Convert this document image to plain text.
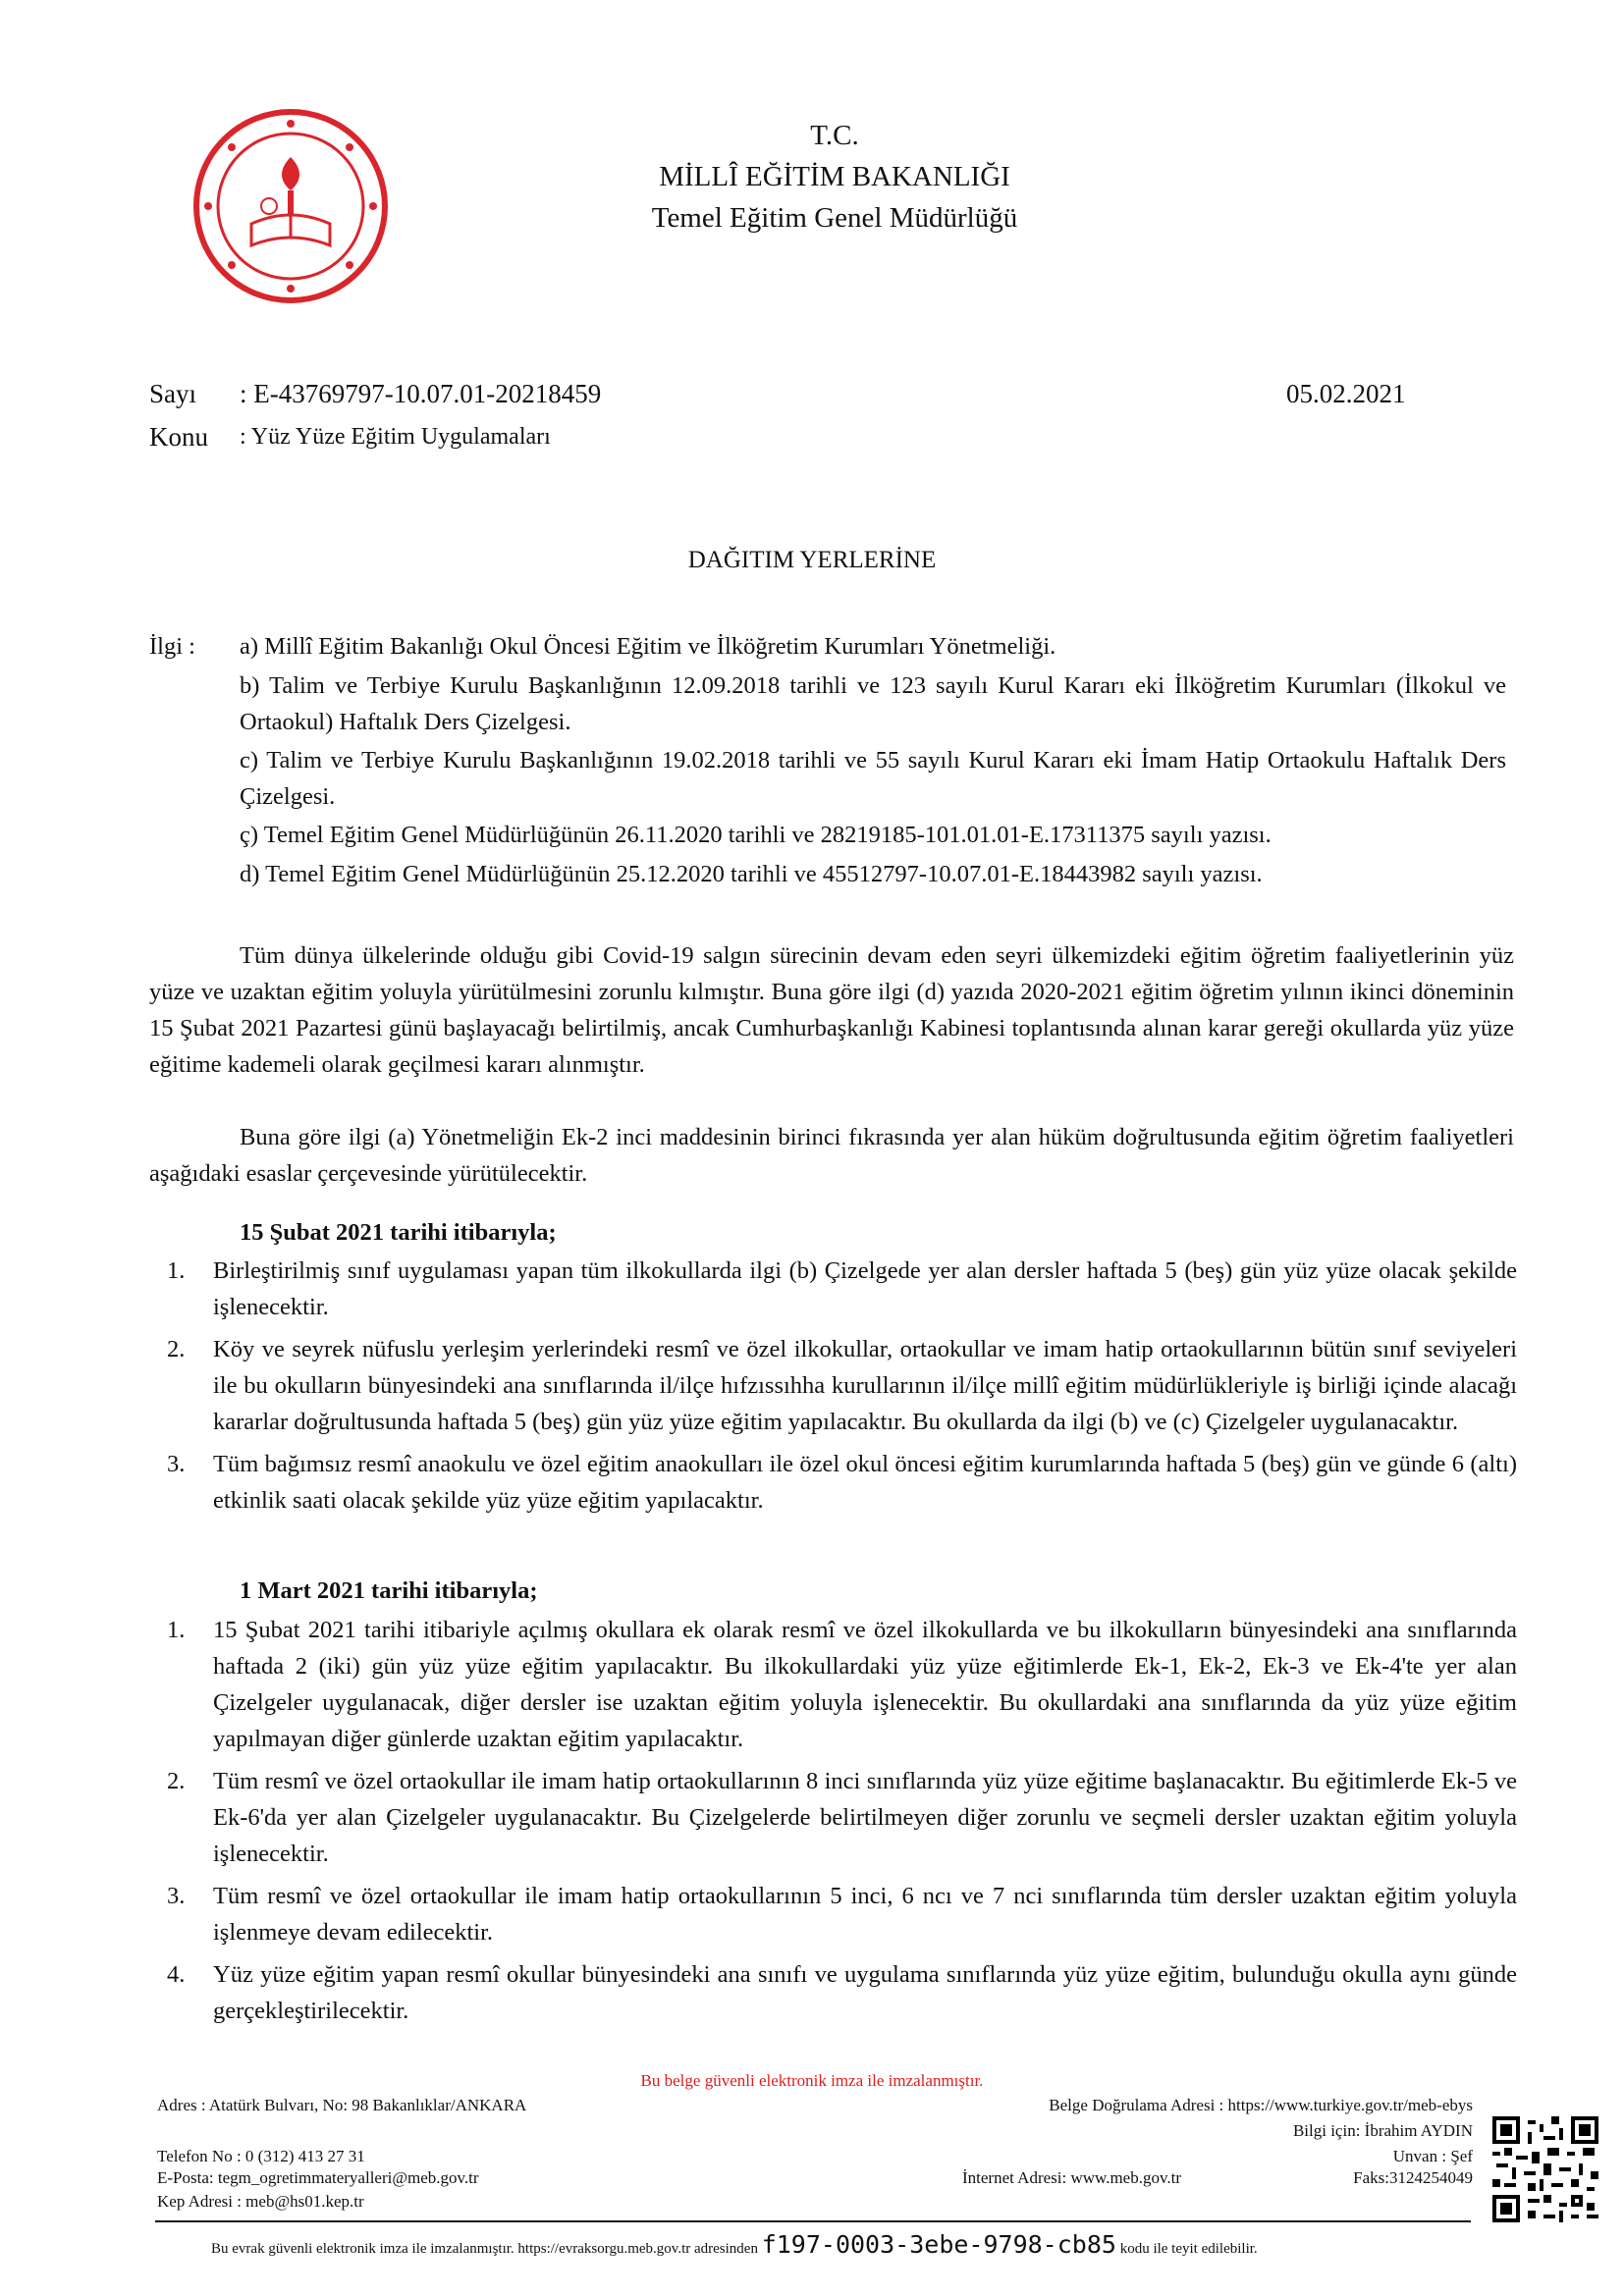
T.C.
MİLLÎ EĞİTİM BAKANLIĞI
Temel Eğitim Genel Müdürlüğü
Sayı : E-43769797-10.07.01-20218459	05.02.2021
Konu : Yüz Yüze Eğitim Uygulamaları
DAĞITIM YERLERİNE
İlgi : a) Millî Eğitim Bakanlığı Okul Öncesi Eğitim ve İlköğretim Kurumları Yönetmeliği.
b) Talim ve Terbiye Kurulu Başkanlığının 12.09.2018 tarihli ve 123 sayılı Kurul Kararı eki İlköğretim Kurumları (İlkokul ve Ortaokul) Haftalık Ders Çizelgesi.
c) Talim ve Terbiye Kurulu Başkanlığının 19.02.2018 tarihli ve 55 sayılı Kurul Kararı eki İmam Hatip Ortaokulu Haftalık Ders Çizelgesi.
ç) Temel Eğitim Genel Müdürlüğünün 26.11.2020 tarihli ve 28219185-101.01.01-E.17311375 sayılı yazısı.
d) Temel Eğitim Genel Müdürlüğünün 25.12.2020 tarihli ve 45512797-10.07.01-E.18443982 sayılı yazısı.
Tüm dünya ülkelerinde olduğu gibi Covid-19 salgın sürecinin devam eden seyri ülkemizdeki eğitim öğretim faaliyetlerinin yüz yüze ve uzaktan eğitim yoluyla yürütülmesini zorunlu kılmıştır. Buna göre ilgi (d) yazıda 2020-2021 eğitim öğretim yılının ikinci döneminin 15 Şubat 2021 Pazartesi günü başlayacağı belirtilmiş, ancak Cumhurbaşkanlığı Kabinesi toplantısında alınan karar gereği okullarda yüz yüze eğitime kademeli olarak geçilmesi kararı alınmıştır.
Buna göre ilgi (a) Yönetmeliğin Ek-2 inci maddesinin birinci fıkrasında yer alan hüküm doğrultusunda eğitim öğretim faaliyetleri aşağıdaki esaslar çerçevesinde yürütülecektir.
15 Şubat 2021 tarihi itibarıyla;
1.	Birleştirilmiş sınıf uygulaması yapan tüm ilkokullarda ilgi (b) Çizelgede yer alan dersler haftada 5 (beş) gün yüz yüze olacak şekilde işlenecektir.
2.	Köy ve seyrek nüfuslu yerleşim yerlerindeki resmî ve özel ilkokullar, ortaokullar ve imam hatip ortaokullarının bütün sınıf seviyeleri ile bu okulların bünyesindeki ana sınıflarında il/ilçe hıfzıssıhha kurullarının il/ilçe millî eğitim müdürlükleriyle iş birliği içinde alacağı kararlar doğrultusunda haftada 5 (beş) gün yüz yüze eğitim yapılacaktır. Bu okullarda da ilgi (b) ve (c) Çizelgeler uygulanacaktır.
3.	Tüm bağımsız resmî anaokulu ve özel eğitim anaokulları ile özel okul öncesi eğitim kurumlarında haftada 5 (beş) gün ve günde 6 (altı) etkinlik saati olacak şekilde yüz yüze eğitim yapılacaktır.
1 Mart 2021 tarihi itibarıyla;
1.	15 Şubat 2021 tarihi itibariyle açılmış okullara ek olarak resmî ve özel ilkokullarda ve bu ilkokulların bünyesindeki ana sınıflarında haftada 2 (iki) gün yüz yüze eğitim yapılacaktır. Bu ilkokullardaki yüz yüze eğitimlerde Ek-1, Ek-2, Ek-3 ve Ek-4'te yer alan Çizelgeler uygulanacak, diğer dersler ise uzaktan eğitim yoluyla işlenecektir. Bu okullardaki ana sınıflarında da yüz yüze eğitim yapılmayan diğer günlerde uzaktan eğitim yapılacaktır.
2.	Tüm resmî ve özel ortaokullar ile imam hatip ortaokullarının 8 inci sınıflarında yüz yüze eğitime başlanacaktır. Bu eğitimlerde Ek-5 ve Ek-6'da yer alan Çizelgeler uygulanacaktır. Bu Çizelgelerde belirtilmeyen diğer zorunlu ve seçmeli dersler uzaktan eğitim yoluyla işlenecektir.
3.	Tüm resmî ve özel ortaokullar ile imam hatip ortaokullarının 5 inci, 6 ncı ve 7 nci sınıflarında tüm dersler uzaktan eğitim yoluyla işlenmeye devam edilecektir.
4.	Yüz yüze eğitim yapan resmî okullar bünyesindeki ana sınıfı ve uygulama sınıflarında yüz yüze eğitim, bulunduğu okulla aynı günde gerçekleştirilecektir.
Bu belge güvenli elektronik imza ile imzalanmıştır.
Adres : Atatürk Bulvarı, No: 98 Bakanlıklar/ANKARA	Belge Doğrulama Adresi : https://www.turkiye.gov.tr/meb-ebys
Bilgi için: İbrahim AYDIN
Telefon No : 0 (312) 413 27 31	Unvan : Şef
E-Posta: tegm_ogretimmateryalleri@meb.gov.tr	İnternet Adresi: www.meb.gov.tr	Faks:3124254049
Kep Adresi : meb@hs01.kep.tr
Bu evrak güvenli elektronik imza ile imzalanmıştır. https://evraksorgu.meb.gov.tr adresinden f197-0003-3ebe-9798-cb85 kodu ile teyit edilebilir.
